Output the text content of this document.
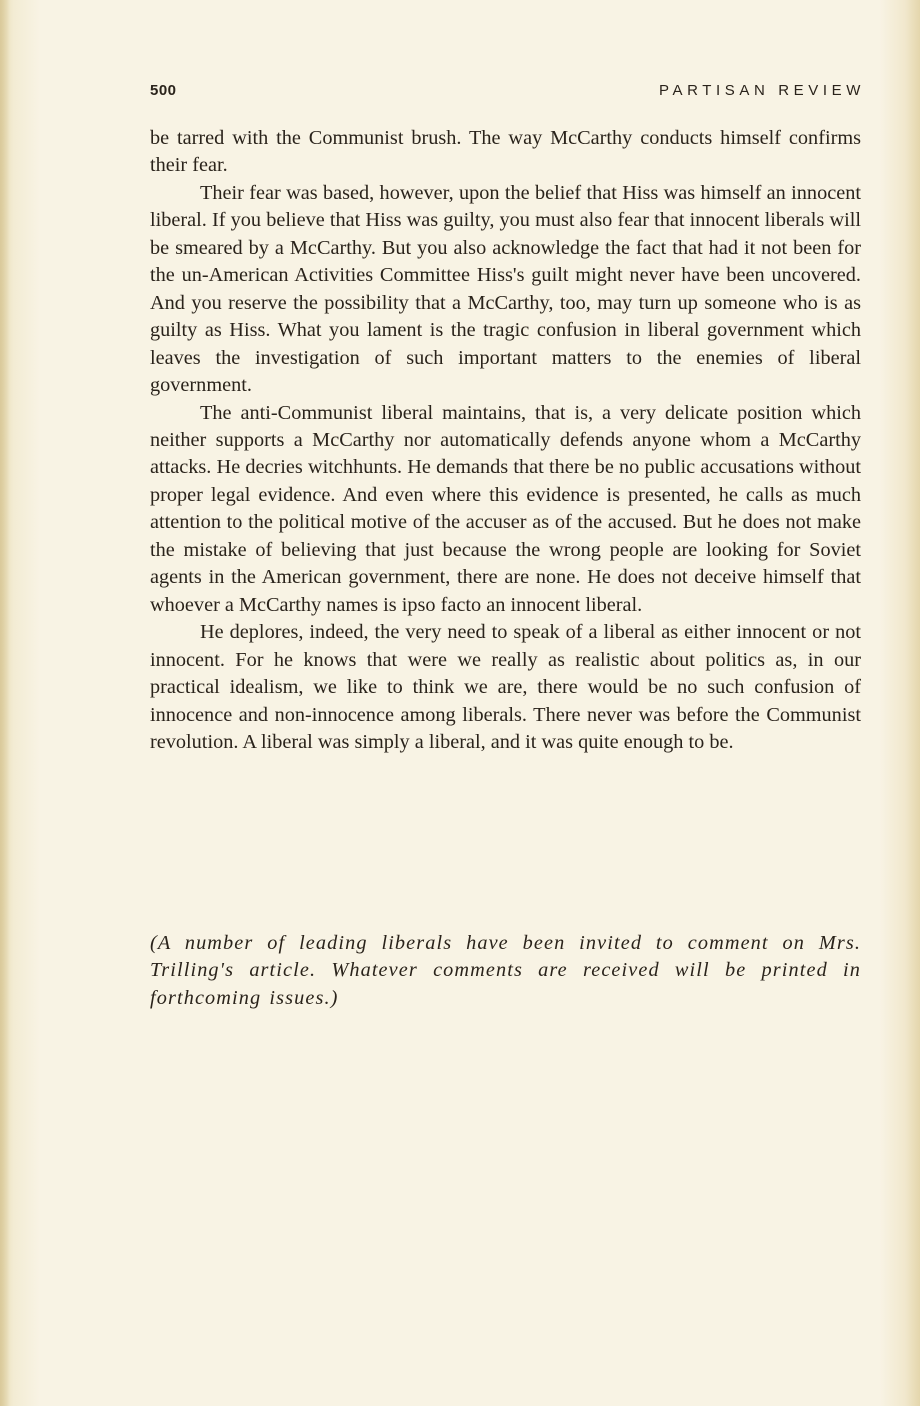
500	PARTISAN REVIEW

be tarred with the Communist brush. The way McCarthy conducts himself confirms their fear.

Their fear was based, however, upon the belief that Hiss was himself an innocent liberal. If you believe that Hiss was guilty, you must also fear that innocent liberals will be smeared by a McCarthy. But you also acknowledge the fact that had it not been for the un-American Activities Committee Hiss's guilt might never have been uncovered. And you reserve the possibility that a McCarthy, too, may turn up someone who is as guilty as Hiss. What you lament is the tragic confusion in liberal government which leaves the investigation of such important matters to the enemies of liberal government.

The anti-Communist liberal maintains, that is, a very delicate position which neither supports a McCarthy nor automatically defends anyone whom a McCarthy attacks. He decries witchhunts. He demands that there be no public accusations without proper legal evidence. And even where this evidence is presented, he calls as much attention to the political motive of the accuser as of the accused. But he does not make the mistake of believing that just because the wrong people are looking for Soviet agents in the American government, there are none. He does not deceive himself that whoever a McCarthy names is ipso facto an innocent liberal.

He deplores, indeed, the very need to speak of a liberal as either innocent or not innocent. For he knows that were we really as realistic about politics as, in our practical idealism, we like to think we are, there would be no such confusion of innocence and non-innocence among liberals. There never was before the Communist revolution. A liberal was simply a liberal, and it was quite enough to be.

(A number of leading liberals have been invited to comment on Mrs. Trilling's article. Whatever comments are received will be printed in forthcoming issues.)
